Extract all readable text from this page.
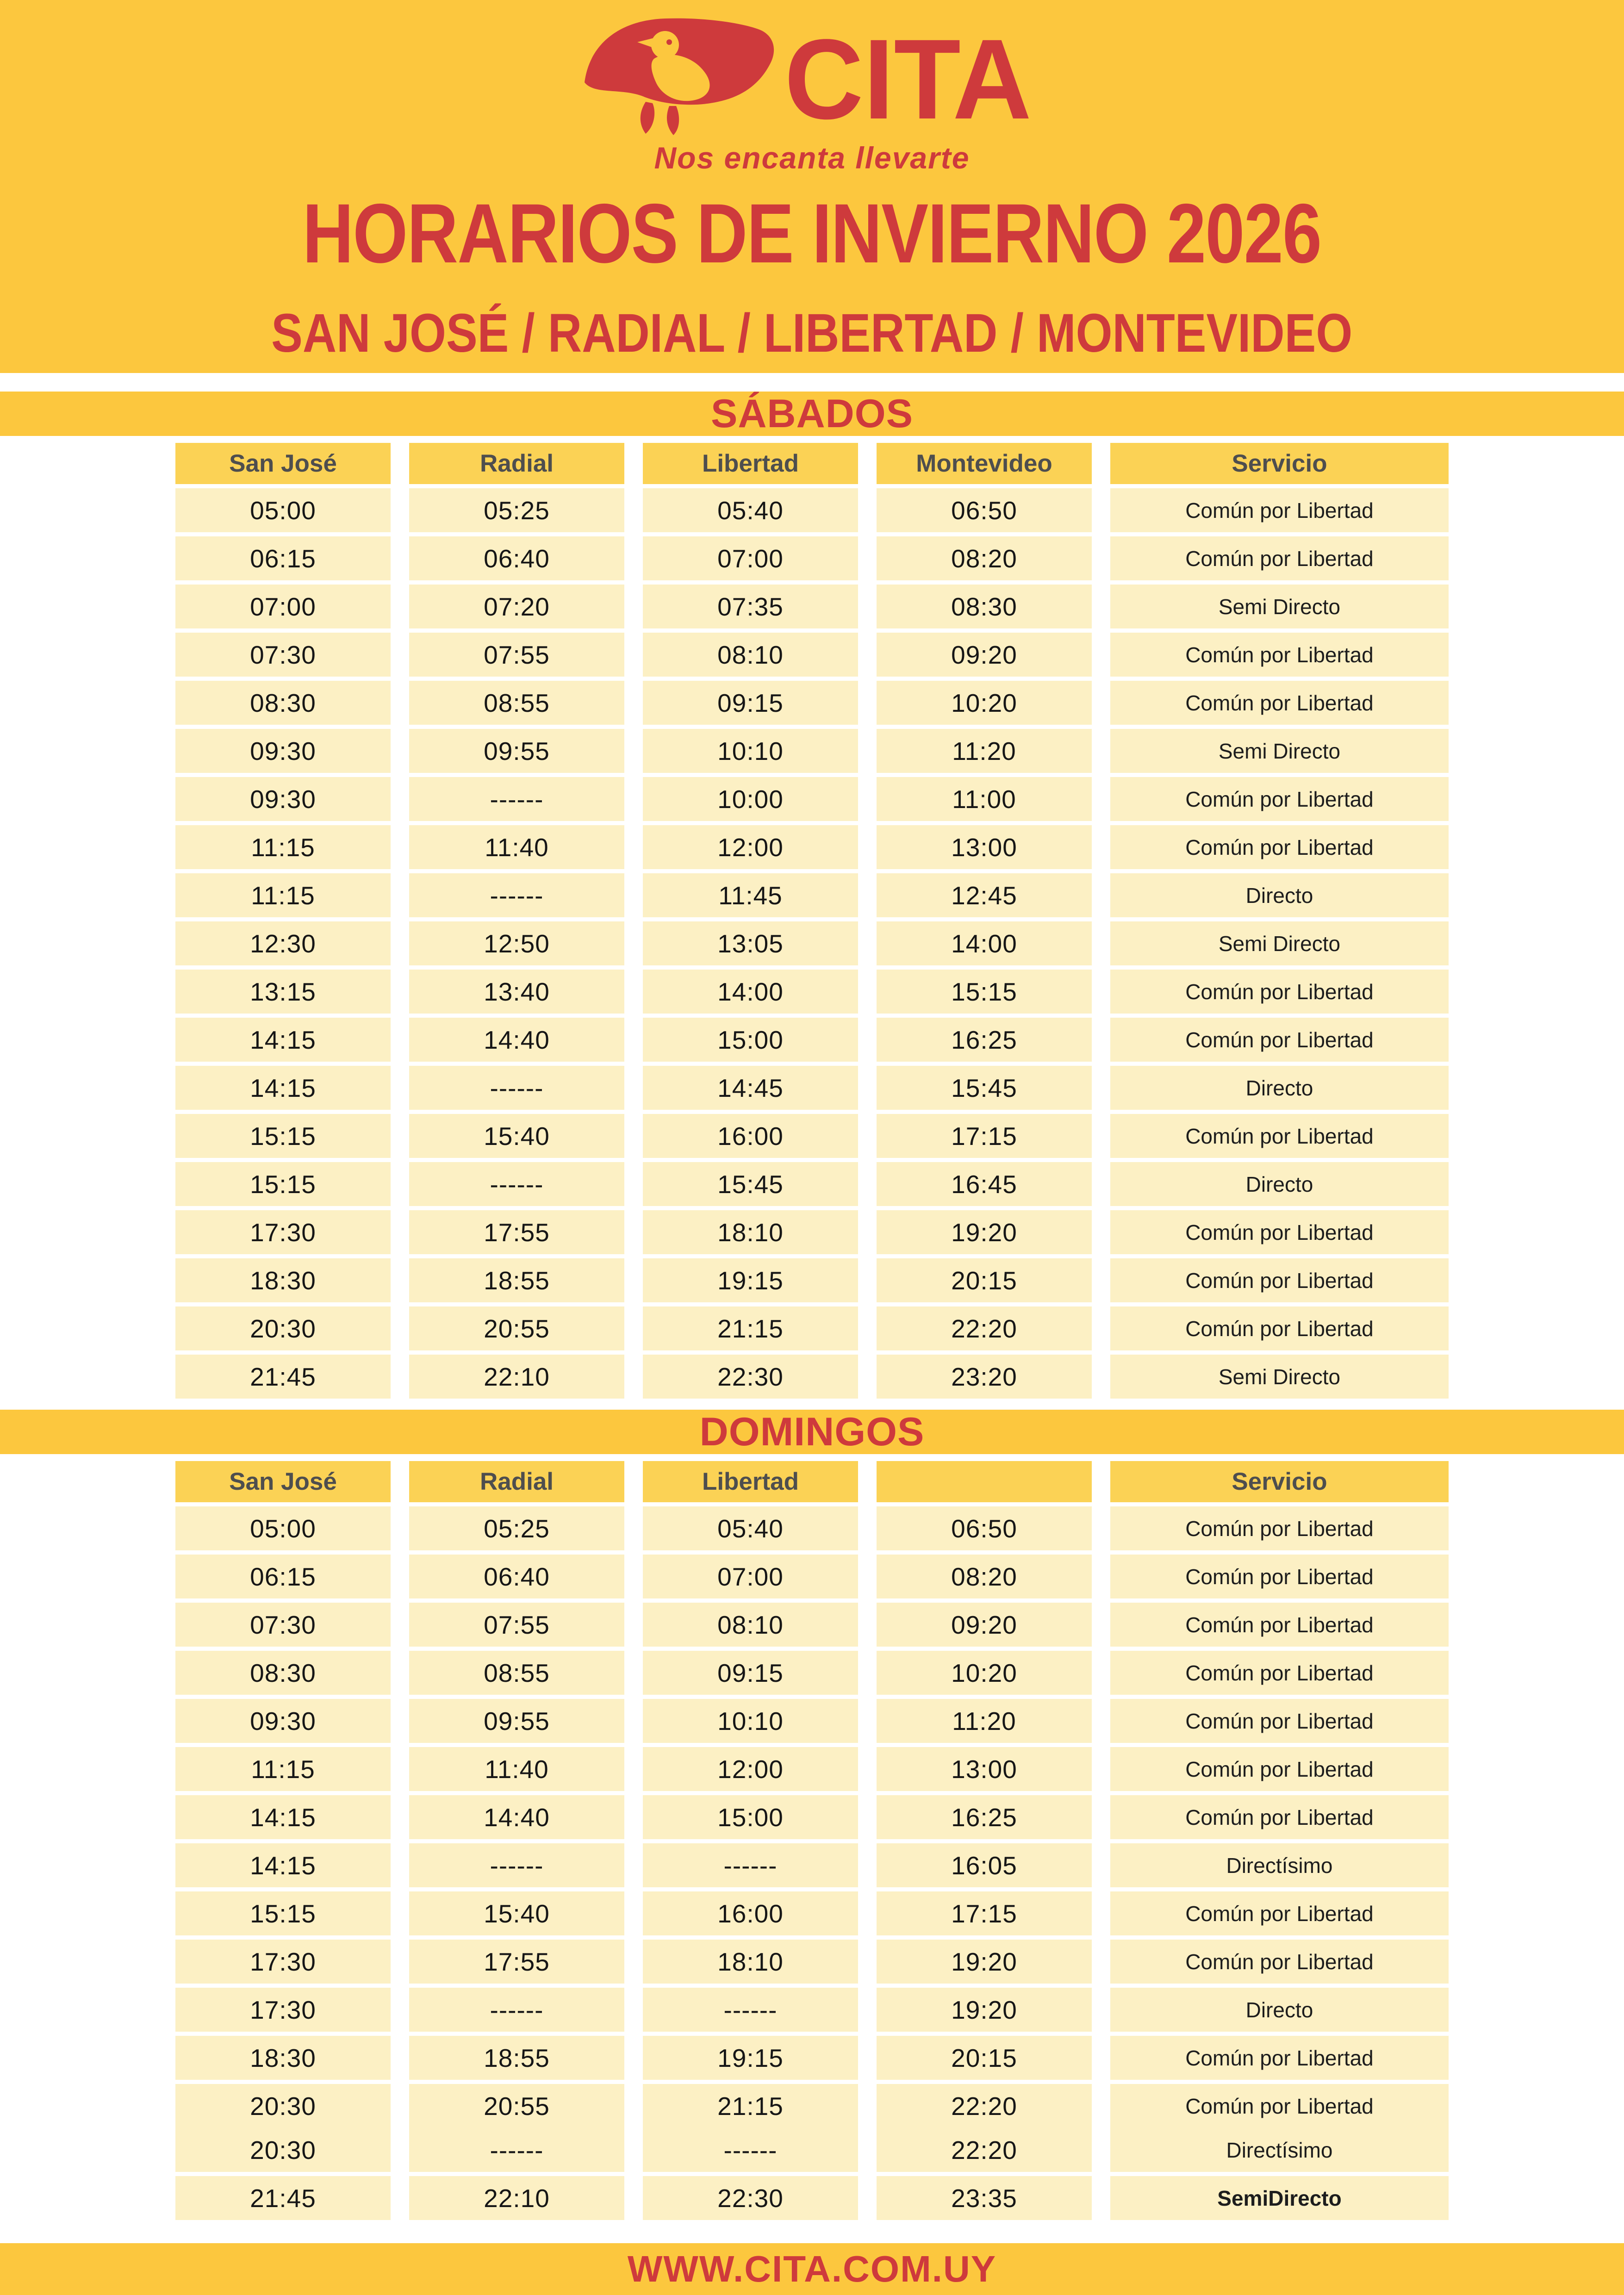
CITA
Nos encanta llevarte
HORARIOS DE INVIERNO 2026
SAN JOSÉ / RADIAL / LIBERTAD / MONTEVIDEO
SÁBADOS
San José
05:00
06:15
07:00
07:30
08:30
09:30
09:30
11:15
11:15
12:30
13:15
14:15
14:15
15:15
15:15
17:30
18:30
20:30
21:45
Radial
05:25
06:40
07:20
07:55
08:55
09:55
------
11:40
------
12:50
13:40
14:40
------
15:40
------
17:55
18:55
20:55
22:10
Libertad
05:40
07:00
07:35
08:10
09:15
10:10
10:00
12:00
11:45
13:05
14:00
15:00
14:45
16:00
15:45
18:10
19:15
21:15
22:30
Montevideo
06:50
08:20
08:30
09:20
10:20
11:20
11:00
13:00
12:45
14:00
15:15
16:25
15:45
17:15
16:45
19:20
20:15
22:20
23:20
Servicio
Común por Libertad
Común por Libertad
Semi Directo
Común por Libertad
Común por Libertad
Semi Directo
Común por Libertad
Común por Libertad
Directo
Semi Directo
Común por Libertad
Común por Libertad
Directo
Común por Libertad
Directo
Común por Libertad
Común por Libertad
Común por Libertad
Semi Directo
DOMINGOS
San José
05:00
06:15
07:30
08:30
09:30
11:15
14:15
14:15
15:15
17:30
17:30
18:30
20:30
20:30
21:45
Radial
05:25
06:40
07:55
08:55
09:55
11:40
14:40
------
15:40
17:55
------
18:55
20:55
------
22:10
Libertad
05:40
07:00
08:10
09:15
10:10
12:00
15:00
------
16:00
18:10
------
19:15
21:15
------
22:30
06:50
08:20
09:20
10:20
11:20
13:00
16:25
16:05
17:15
19:20
19:20
20:15
22:20
22:20
23:35
Servicio
Común por Libertad
Común por Libertad
Común por Libertad
Común por Libertad
Común por Libertad
Común por Libertad
Común por Libertad
Directísimo
Común por Libertad
Común por Libertad
Directo
Común por Libertad
Común por Libertad
Directísimo
SemiDirecto
WWW.CITA.COM.UY
